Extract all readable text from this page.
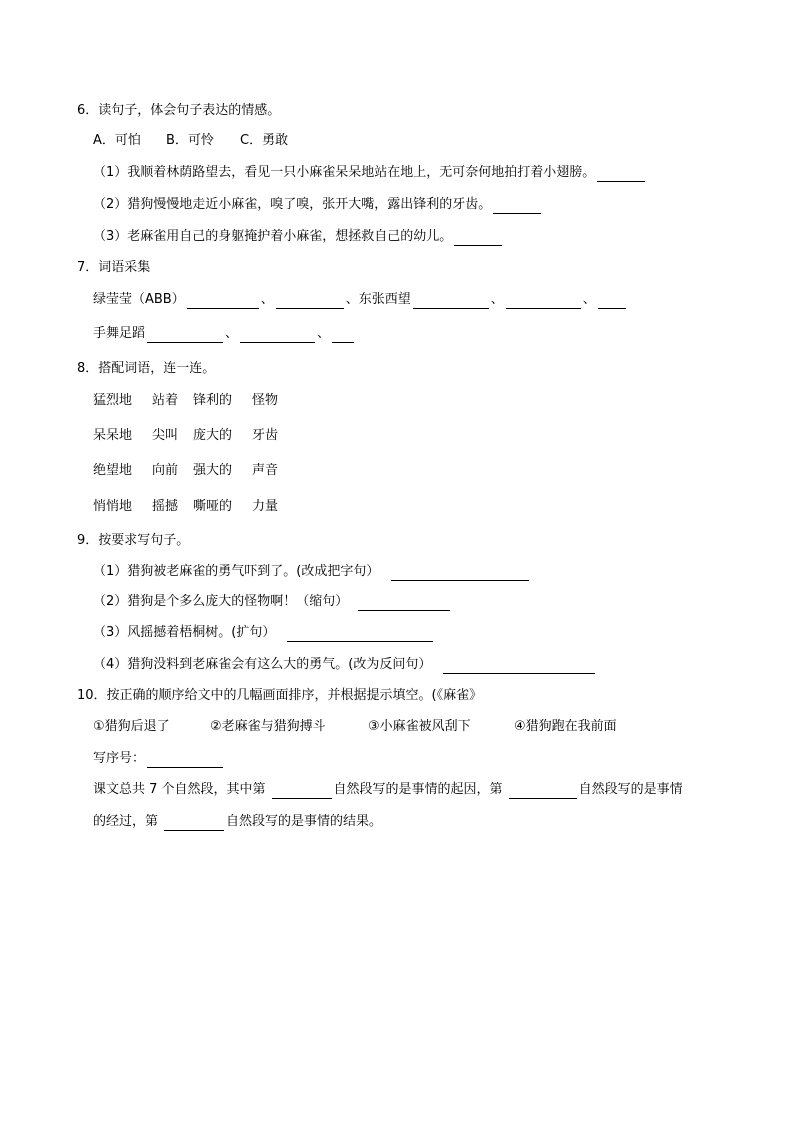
6．读句子，体会句子表达的情感。
A．可怕	B．可怜	C．勇敢
（1）我顺着林荫路望去，看见一只小麻雀呆呆地站在地上，无可奈何地拍打着小翅膀。
（2）猎狗慢慢地走近小麻雀，嗅了嗅，张开大嘴，露出锋利的牙齿。
（3）老麻雀用自己的身躯掩护着小麻雀，想拯救自己的幼儿。
7．词语采集
绿莹莹（ABB）	、	、 东张西望	、	、
手舞足蹈	、	、
8．搭配词语，连一连。
猛烈地	站着	锋利的	怪物
呆呆地	尖叫	庞大的	牙齿
绝望地	向前	强大的	声音
悄悄地	摇撼	嘶哑的	力量
9．按要求写句子。
（1）猎狗被老麻雀的勇气吓到了。(改成把字句）
（2）猎狗是个多么庞大的怪物啊！（缩句）
（3）风摇撼着梧桐树。(扩句）
（4）猎狗没料到老麻雀会有这么大的勇气。(改为反问句）
10．按正确的顺序给文中的几幅画面排序，并根据提示填空。(《麻雀》
①猎狗后退了	②老麻雀与猎狗搏斗	③小麻雀被风刮下	④猎狗跑在我前面
写序号：
课文总共 7 个自然段，其中第	自然段写的是事情的起因，第	自然段写的是事情
的经过，第	自然段写的是事情的结果。
